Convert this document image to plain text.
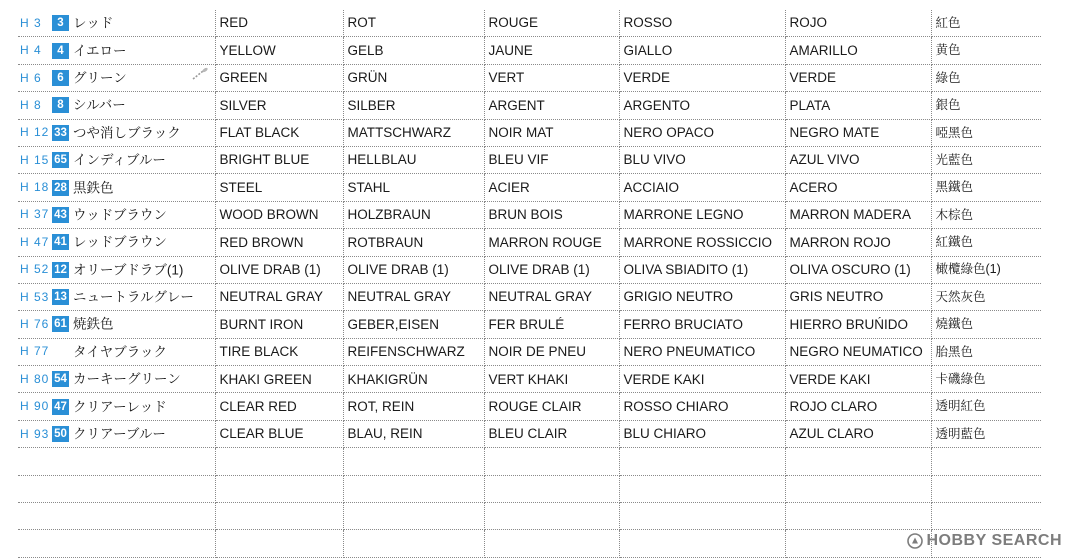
H 3 3 レッド	RED	ROT	ROUGE	ROSSO	ROJO	紅色
H 4 4 イエロー	YELLOW	GELB	JAUNE	GIALLO	AMARILLO	黄色
H 6 6 グリーン	GREEN	GRÜN	VERT	VERDE	VERDE	綠色
H 8 8 シルバー	SILVER	SILBER	ARGENT	ARGENTO	PLATA	銀色
H 12 33 つや消しブラック	FLAT BLACK	MATTSCHWARZ	NOIR MAT	NERO OPACO	NEGRO MATE	啞黑色
H 15 65 インディブルー	BRIGHT BLUE	HELLBLAU	BLEU VIF	BLU VIVO	AZUL VIVO	光藍色
H 18 28 黒鉄色	STEEL	STAHL	ACIER	ACCIAIO	ACERO	黑鐵色
H 37 43 ウッドブラウン	WOOD BROWN	HOLZBRAUN	BRUN BOIS	MARRONE LEGNO	MARRON MADERA	木棕色
H 47 41 レッドブラウン	RED BROWN	ROTBRAUN	MARRON ROUGE	MARRONE ROSSICCIO	MARRON ROJO	紅鐵色
H 52 12 オリーブドラブ(1)	OLIVE DRAB (1)	OLIVE DRAB (1)	OLIVE DRAB (1)	OLIVA SBIADITO (1)	OLIVA OSCURO (1)	橄欖綠色(1)
H 53 13 ニュートラルグレー	NEUTRAL GRAY	NEUTRAL GRAY	NEUTRAL GRAY	GRIGIO NEUTRO	GRIS NEUTRO	天然灰色
H 76 61 焼鉄色	BURNT IRON	GEBER,EISEN	FER BRULÉ	FERRO BRUCIATO	HIERRO BRUŃIDO	燒鐵色
H 77 タイヤブラック	TIRE BLACK	REIFENSCHWARZ	NOIR DE PNEU	NERO PNEUMATICO	NEGRO NEUMATICO	胎黑色
H 80 54 カーキーグリーン	KHAKI GREEN	KHAKIGRÜN	VERT KHAKI	VERDE KAKI	VERDE KAKI	卡磯綠色
H 90 47 クリアーレッド	CLEAR RED	ROT, REIN	ROUGE CLAIR	ROSSO CHIARO	ROJO CLARO	透明紅色
H 93 50 クリアーブルー	CLEAR BLUE	BLAU, REIN	BLEU CLAIR	BLU CHIARO	AZUL CLARO	透明藍色

HOBBY SEARCH
